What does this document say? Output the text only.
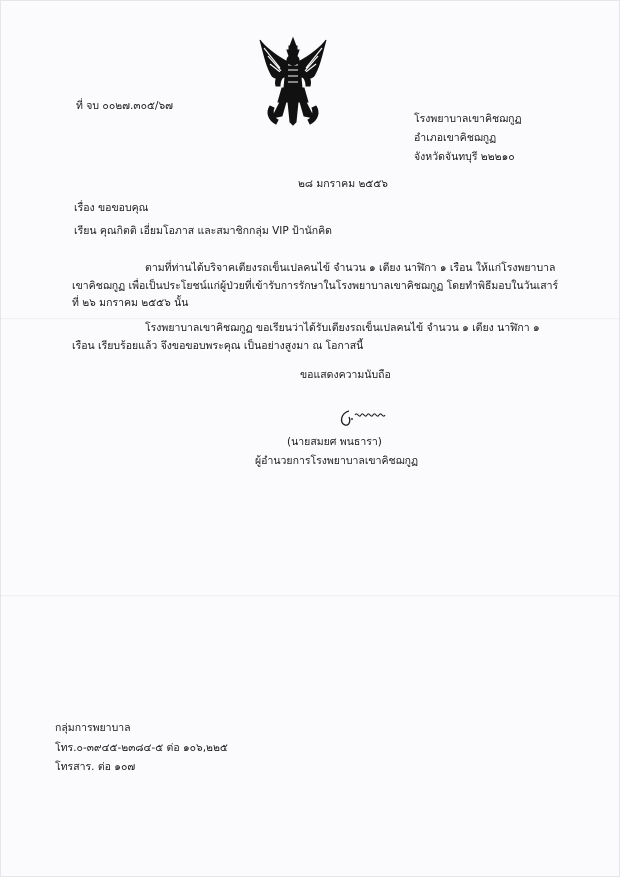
ที่ จบ ๐๐๒๗.๓๐๕/๖๗
โรงพยาบาลเขาคิชฌกูฏ
อำเภอเขาคิชฌกูฏ
จังหวัดจันทบุรี ๒๒๒๑๐
๒๘ มกราคม ๒๕๕๖
เรื่อง ขอขอบคุณ
เรียน คุณกิตติ เอี่ยมโอภาส และสมาชิกกลุ่ม VIP ป้านักคิด
ตามที่ท่านได้บริจาคเตียงรถเข็นเปลคนไข้ จำนวน ๑ เตียง นาฬิกา ๑ เรือน ให้แก่โรงพยาบาล
เขาคิชฌกูฏ เพื่อเป็นประโยชน์แก่ผู้ป่วยที่เข้ารับการรักษาในโรงพยาบาลเขาคิชฌกูฏ โดยทำพิธีมอบในวันเสาร์
ที่ ๒๖ มกราคม ๒๕๕๖ นั้น
โรงพยาบาลเขาคิชฌกูฏ ขอเรียนว่าได้รับเตียงรถเข็นเปลคนไข้ จำนวน ๑ เตียง นาฬิกา ๑
เรือน เรียบร้อยแล้ว จึงขอขอบพระคุณ เป็นอย่างสูงมา ณ โอกาสนี้
ขอแสดงความนับถือ
(นายสมยศ พนธารา)
ผู้อำนวยการโรงพยาบาลเขาคิชฌกูฏ
กลุ่มการพยาบาล
โทร.๐-๓๙๔๕-๒๓๘๔-๕ ต่อ ๑๐๖,๒๒๕
โทรสาร. ต่อ ๑๐๗
